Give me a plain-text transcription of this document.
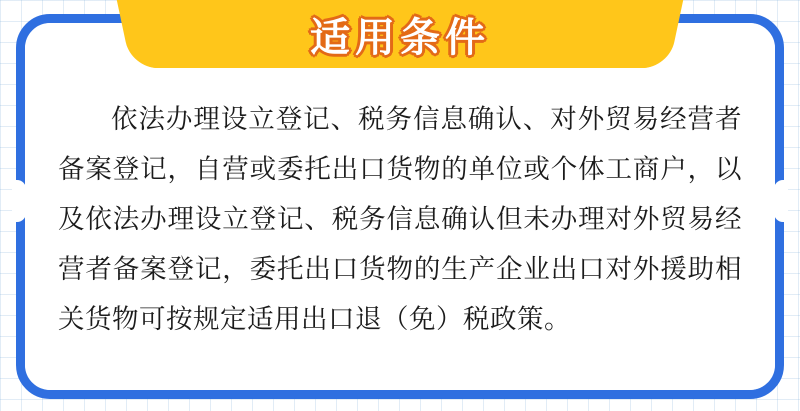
适用条件
依法办理设立登记、税务信息确认、对外贸易经营者备案登记，自营或委托出口货物的单位或个体工商户，以及依法办理设立登记、税务信息确认但未办理对外贸易经营者备案登记，委托出口货物的生产企业出口对外援助相关货物可按规定适用出口退（免）税政策。
